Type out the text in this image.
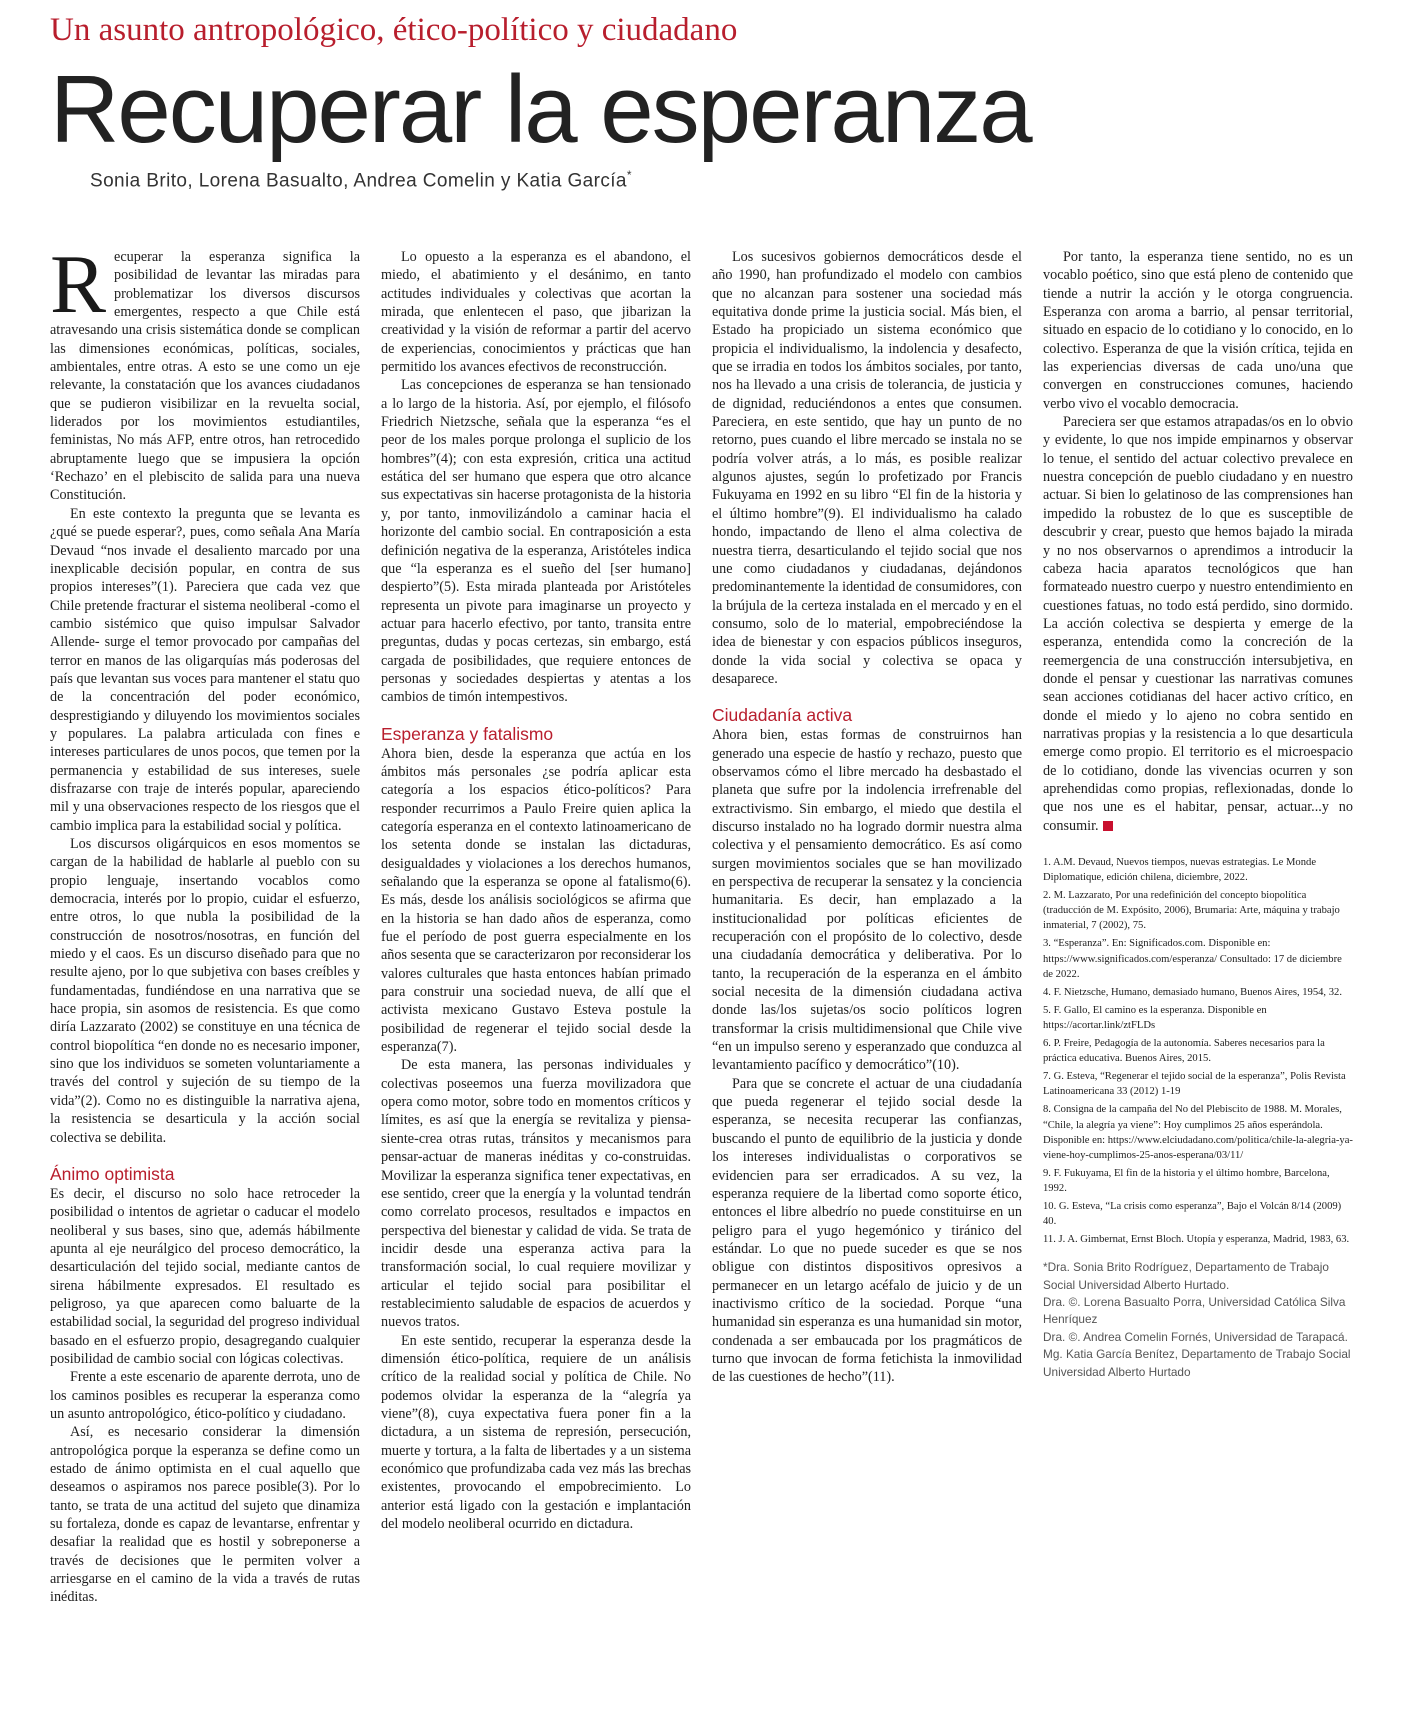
Un asunto antropológico, ético-político y ciudadano
Recuperar la esperanza
Sonia Brito, Lorena Basualto, Andrea Comelin y Katia García*

Recuperar la esperanza significa la posibilidad de levantar las miradas para problematizar los diversos discursos emergentes, respecto a que Chile está atravesando una crisis sistemática donde se complican las dimensiones económicas, políticas, sociales, ambientales, entre otras. A esto se une como un eje relevante, la constatación que los avances ciudadanos que se pudieron visibilizar en la revuelta social, liderados por los movimientos estudiantiles, feministas, No más AFP, entre otros, han retrocedido abruptamente luego que se impusiera la opción ‘Rechazo’ en el plebiscito de salida para una nueva Constitución.

En este contexto la pregunta que se levanta es ¿qué se puede esperar?, pues, como señala Ana María Devaud “nos invade el desaliento marcado por una inexplicable decisión popular, en contra de sus propios intereses”(1). Pareciera que cada vez que Chile pretende fracturar el sistema neoliberal -como el cambio sistémico que quiso impulsar Salvador Allende- surge el temor provocado por campañas del terror en manos de las oligarquías más poderosas del país que levantan sus voces para mantener el statu quo de la concentración del poder económico, desprestigiando y diluyendo los movimientos sociales y populares. La palabra articulada con fines e intereses particulares de unos pocos, que temen por la permanencia y estabilidad de sus intereses, suele disfrazarse con traje de interés popular, apareciendo mil y una observaciones respecto de los riesgos que el cambio implica para la estabilidad social y política.

Los discursos oligárquicos en esos momentos se cargan de la habilidad de hablarle al pueblo con su propio lenguaje, insertando vocablos como democracia, interés por lo propio, cuidar el esfuerzo, entre otros, lo que nubla la posibilidad de la construcción de nosotros/nosotras, en función del miedo y el caos. Es un discurso diseñado para que no resulte ajeno, por lo que subjetiva con bases creíbles y fundamentadas, fundiéndose en una narrativa que se hace propia, sin asomos de resistencia. Es que como diría Lazzarato (2002) se constituye en una técnica de control biopolítica “en donde no es necesario imponer, sino que los individuos se someten voluntariamente a través del control y sujeción de su tiempo de la vida”(2). Como no es distinguible la narrativa ajena, la resistencia se desarticula y la acción social colectiva se debilita.

Ánimo optimista

Es decir, el discurso no solo hace retroceder la posibilidad o intentos de agrietar o caducar el modelo neoliberal y sus bases, sino que, además hábilmente apunta al eje neurálgico del proceso democrático, la desarticulación del tejido social, mediante cantos de sirena hábilmente expresados. El resultado es peligroso, ya que aparecen como baluarte de la estabilidad social, la seguridad del progreso individual basado en el esfuerzo propio, desagregando cualquier posibilidad de cambio social con lógicas colectivas.

Frente a este escenario de aparente derrota, uno de los caminos posibles es recuperar la esperanza como un asunto antropológico, ético-político y ciudadano.

Así, es necesario considerar la dimensión antropológica porque la esperanza se define como un estado de ánimo optimista en el cual aquello que deseamos o aspiramos nos parece posible(3). Por lo tanto, se trata de una actitud del sujeto que dinamiza su fortaleza, donde es capaz de levantarse, enfrentar y desafiar la realidad que es hostil y sobreponerse a través de decisiones que le permiten volver a arriesgarse en el camino de la vida a través de rutas inéditas.

Lo opuesto a la esperanza es el abandono, el miedo, el abatimiento y el desánimo, en tanto actitudes individuales y colectivas que acortan la mirada, que enlentecen el paso, que jibarizan la creatividad y la visión de reformar a partir del acervo de experiencias, conocimientos y prácticas que han permitido los avances efectivos de reconstrucción.

Las concepciones de esperanza se han tensionado a lo largo de la historia. Así, por ejemplo, el filósofo Friedrich Nietzsche, señala que la esperanza “es el peor de los males porque prolonga el suplicio de los hombres”(4); con esta expresión, critica una actitud estática del ser humano que espera que otro alcance sus expectativas sin hacerse protagonista de la historia y, por tanto, inmovilizándolo a caminar hacia el horizonte del cambio social. En contraposición a esta definición negativa de la esperanza, Aristóteles indica que “la esperanza es el sueño del [ser humano] despierto”(5). Esta mirada planteada por Aristóteles representa un pivote para imaginarse un proyecto y actuar para hacerlo efectivo, por tanto, transita entre preguntas, dudas y pocas certezas, sin embargo, está cargada de posibilidades, que requiere entonces de personas y sociedades despiertas y atentas a los cambios de timón intempestivos.

Esperanza y fatalismo

Ahora bien, desde la esperanza que actúa en los ámbitos más personales ¿se podría aplicar esta categoría a los espacios ético-políticos? Para responder recurrimos a Paulo Freire quien aplica la categoría esperanza en el contexto latinoamericano de los setenta donde se instalan las dictaduras, desigualdades y violaciones a los derechos humanos, señalando que la esperanza se opone al fatalismo(6). Es más, desde los análisis sociológicos se afirma que en la historia se han dado años de esperanza, como fue el período de post guerra especialmente en los años sesenta que se caracterizaron por reconsiderar los valores culturales que hasta entonces habían primado para construir una sociedad nueva, de allí que el activista mexicano Gustavo Esteva postule la posibilidad de regenerar el tejido social desde la esperanza(7).

De esta manera, las personas individuales y colectivas poseemos una fuerza movilizadora que opera como motor, sobre todo en momentos críticos y límites, es así que la energía se revitaliza y piensa-siente-crea otras rutas, tránsitos y mecanismos para pensar-actuar de maneras inéditas y co-construidas. Movilizar la esperanza significa tener expectativas, en ese sentido, creer que la energía y la voluntad tendrán como correlato procesos, resultados e impactos en perspectiva del bienestar y calidad de vida. Se trata de incidir desde una esperanza activa para la transformación social, lo cual requiere movilizar y articular el tejido social para posibilitar el restablecimiento saludable de espacios de acuerdos y nuevos tratos.

En este sentido, recuperar la esperanza desde la dimensión ético-política, requiere de un análisis crítico de la realidad social y política de Chile. No podemos olvidar la esperanza de la “alegría ya viene”(8), cuya expectativa fuera poner fin a la dictadura, a un sistema de represión, persecución, muerte y tortura, a la falta de libertades y a un sistema económico que profundizaba cada vez más las brechas existentes, provocando el empobrecimiento. Lo anterior está ligado con la gestación e implantación del modelo neoliberal ocurrido en dictadura.

Los sucesivos gobiernos democráticos desde el año 1990, han profundizado el modelo con cambios que no alcanzan para sostener una sociedad más equitativa donde prime la justicia social. Más bien, el Estado ha propiciado un sistema económico que propicia el individualismo, la indolencia y desafecto, que se irradia en todos los ámbitos sociales, por tanto, nos ha llevado a una crisis de tolerancia, de justicia y de dignidad, reduciéndonos a entes que consumen. Pareciera, en este sentido, que hay un punto de no retorno, pues cuando el libre mercado se instala no se podría volver atrás, a lo más, es posible realizar algunos ajustes, según lo profetizado por Francis Fukuyama en 1992 en su libro “El fin de la historia y el último hombre”(9). El individualismo ha calado hondo, impactando de lleno el alma colectiva de nuestra tierra, desarticulando el tejido social que nos une como ciudadanos y ciudadanas, dejándonos predominantemente la identidad de consumidores, con la brújula de la certeza instalada en el mercado y en el consumo, solo de lo material, empobreciéndose la idea de bienestar y con espacios públicos inseguros, donde la vida social y colectiva se opaca y desaparece.

Ciudadanía activa

Ahora bien, estas formas de construirnos han generado una especie de hastío y rechazo, puesto que observamos cómo el libre mercado ha desbastado el planeta que sufre por la indolencia irrefrenable del extractivismo. Sin embargo, el miedo que destila el discurso instalado no ha logrado dormir nuestra alma colectiva y el pensamiento democrático. Es así como surgen movimientos sociales que se han movilizado en perspectiva de recuperar la sensatez y la conciencia humanitaria. Es decir, han emplazado a la institucionalidad por políticas eficientes de recuperación con el propósito de lo colectivo, desde una ciudadanía democrática y deliberativa. Por lo tanto, la recuperación de la esperanza en el ámbito social necesita de la dimensión ciudadana activa donde las/los sujetas/os socio políticos logren transformar la crisis multidimensional que Chile vive “en un impulso sereno y esperanzado que conduzca al levantamiento pacífico y democrático”(10).

Para que se concrete el actuar de una ciudadanía que pueda regenerar el tejido social desde la esperanza, se necesita recuperar las confianzas, buscando el punto de equilibrio de la justicia y donde los intereses individualistas o corporativos se evidencien para ser erradicados. A su vez, la esperanza requiere de la libertad como soporte ético, entonces el libre albedrío no puede constituirse en un peligro para el yugo hegemónico y tiránico del estándar. Lo que no puede suceder es que se nos obligue con distintos dispositivos opresivos a permanecer en un letargo acéfalo de juicio y de un inactivismo crítico de la sociedad. Porque “una humanidad sin esperanza es una humanidad sin motor, condenada a ser embaucada por los pragmáticos de turno que invocan de forma fetichista la inmovilidad de las cuestiones de hecho”(11).

Por tanto, la esperanza tiene sentido, no es un vocablo poético, sino que está pleno de contenido que tiende a nutrir la acción y le otorga congruencia. Esperanza con aroma a barrio, al pensar territorial, situado en espacio de lo cotidiano y lo conocido, en lo colectivo. Esperanza de que la visión crítica, tejida en las experiencias diversas de cada uno/una que convergen en construcciones comunes, haciendo verbo vivo el vocablo democracia.

Pareciera ser que estamos atrapadas/os en lo obvio y evidente, lo que nos impide empinarnos y observar lo tenue, el sentido del actuar colectivo prevalece en nuestra concepción de pueblo ciudadano y en nuestro actuar. Si bien lo gelatinoso de las comprensiones han impedido la robustez de lo que es susceptible de descubrir y crear, puesto que hemos bajado la mirada y no nos observarnos o aprendimos a introducir la cabeza hacia aparatos tecnológicos que han formateado nuestro cuerpo y nuestro entendimiento en cuestiones fatuas, no todo está perdido, sino dormido. La acción colectiva se despierta y emerge de la esperanza, entendida como la concreción de la reemergencia de una construcción intersubjetiva, en donde el pensar y cuestionar las narrativas comunes sean acciones cotidianas del hacer activo crítico, en donde el miedo y lo ajeno no cobra sentido en narrativas propias y la resistencia a lo que desarticula emerge como propio. El territorio es el microespacio de lo cotidiano, donde las vivencias ocurren y son aprehendidas como propias, reflexionadas, donde lo que nos une es el habitar, pensar, actuar...y no consumir.

1. A.M. Devaud, Nuevos tiempos, nuevas estrategias. Le Monde Diplomatique, edición chilena, diciembre, 2022.
2. M. Lazzarato, Por una redefinición del concepto biopolítica (traducción de M. Expósito, 2006), Brumaria: Arte, máquina y trabajo inmaterial, 7 (2002), 75.
3. “Esperanza”. En: Significados.com. Disponible en: https://www.significados.com/esperanza/ Consultado: 17 de diciembre de 2022.
4. F. Nietzsche, Humano, demasiado humano, Buenos Aires, 1954, 32.
5. F. Gallo, El camino es la esperanza. Disponible en https://acortar.link/ztFLDs
6. P. Freire, Pedagogía de la autonomía. Saberes necesarios para la práctica educativa. Buenos Aires, 2015.
7. G. Esteva, “Regenerar el tejido social de la esperanza”, Polis Revista Latinoamericana 33 (2012) 1-19
8. Consigna de la campaña del No del Plebiscito de 1988. M. Morales, “Chile, la alegría ya viene”: Hoy cumplimos 25 años esperándola. Disponible en: https://www.elciudadano.com/politica/chile-la-alegria-ya-viene-hoy-cumplimos-25-anos-esperana/03/11/
9. F. Fukuyama, El fin de la historia y el último hombre, Barcelona, 1992.
10. G. Esteva, “La crisis como esperanza”, Bajo el Volcán 8/14 (2009) 40.
11. J. A. Gimbernat, Ernst Bloch. Utopía y esperanza, Madrid, 1983, 63.
*Dra. Sonia Brito Rodríguez, Departamento de Trabajo Social Universidad Alberto Hurtado.
Dra. ©. Lorena Basualto Porra, Universidad Católica Silva Henríquez
Dra. ©. Andrea Comelin Fornés, Universidad de Tarapacá.
Mg. Katia García Benítez, Departamento de Trabajo Social Universidad Alberto Hurtado
